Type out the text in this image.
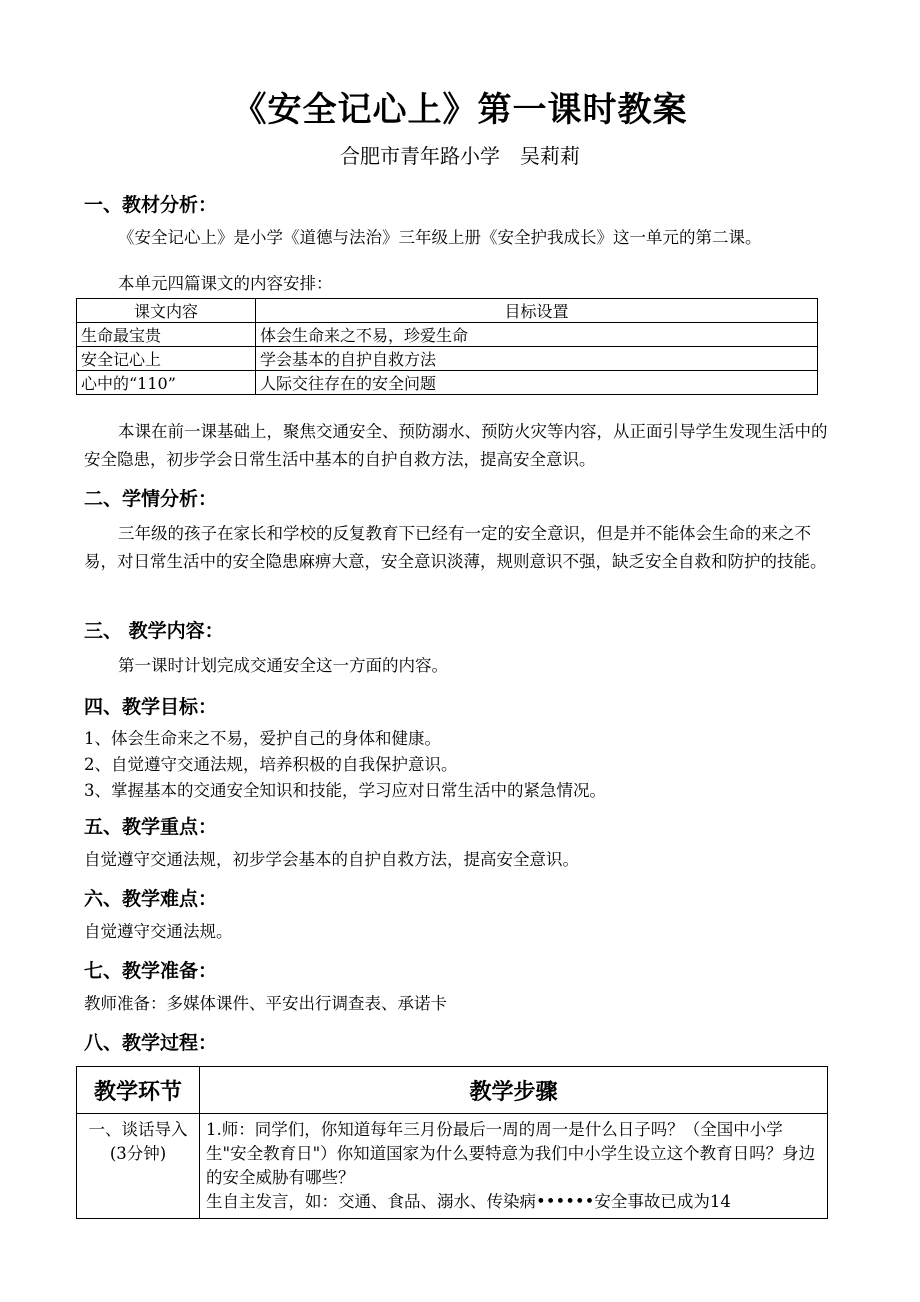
《安全记心上》第一课时教案
合肥市青年路小学　吴莉莉
一、教材分析：
《安全记心上》是小学《道德与法治》三年级上册《安全护我成长》这一单元的第二课。
本单元四篇课文的内容安排：
课文内容	目标设置
生命最宝贵	体会生命来之不易，珍爱生命
安全记心上	学会基本的自护自救方法
心中的“110”	人际交往存在的安全问题
本课在前一课基础上，聚焦交通安全、预防溺水、预防火灾等内容，从正面引导学生发现生活中的安全隐患，初步学会日常生活中基本的自护自救方法，提高安全意识。
二、学情分析：
三年级的孩子在家长和学校的反复教育下已经有一定的安全意识，但是并不能体会生命的来之不易，对日常生活中的安全隐患麻痹大意，安全意识淡薄，规则意识不强，缺乏安全自救和防护的技能。
三、 教学内容：
第一课时计划完成交通安全这一方面的内容。
四、教学目标：
1、体会生命来之不易，爱护自己的身体和健康。
2、自觉遵守交通法规，培养积极的自我保护意识。
3、掌握基本的交通安全知识和技能，学习应对日常生活中的紧急情况。
五、教学重点：
自觉遵守交通法规，初步学会基本的自护自救方法，提高安全意识。
六、教学难点：
自觉遵守交通法规。
七、教学准备：
教师准备：多媒体课件、平安出行调查表、承诺卡
八、教学过程：
教学环节	教学步骤
一、谈话导入(3分钟)	1.师：同学们，你知道每年三月份最后一周的周一是什么日子吗？（全国中小学生"安全教育日"）你知道国家为什么要特意为我们中小学生设立这个教育日吗？身边的安全威胁有哪些？
生自主发言，如：交通、食品、溺水、传染病••••••安全事故已成为14
